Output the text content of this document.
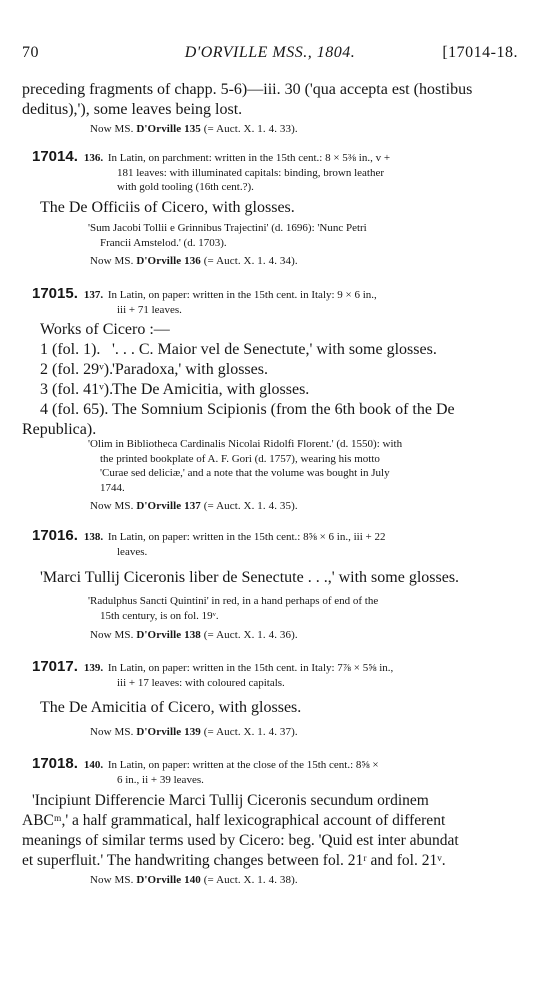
70	D'ORVILLE MSS., 1804.	[17014-18.
preceding fragments of chapp. 5-6)—iii. 30 ('qua accepta est (hostibus
deditus),'), some leaves being lost.
Now MS. D'Orville 135 (= Auct. X. 1. 4. 33).
17014. 136. In Latin, on parchment: written in the 15th cent.: 8 × 5⅜ in., v +
181 leaves: with illuminated capitals: binding, brown leather
with gold tooling (16th cent.?).
The De Officiis of Cicero, with glosses.
'Sum Jacobi Tollii e Grinnibus Trajectini' (d. 1696): 'Nunc Petri
Francii Amstelod.' (d. 1703).
Now MS. D'Orville 136 (= Auct. X. 1. 4. 34).
17015. 137. In Latin, on paper: written in the 15th cent. in Italy: 9 × 6 in.,
iii + 71 leaves.
Works of Cicero :—
1 (fol. 1). '. . . C. Maior vel de Senectute,' with some glosses.
2 (fol. 29ᵛ).'Paradoxa,' with glosses.
3 (fol. 41ᵛ).The De Amicitia, with glosses.
4 (fol. 65). The Somnium Scipionis (from the 6th book of the De
Republica).
'Olim in Bibliotheca Cardinalis Nicolai Ridolfi Florent.' (d. 1550): with
the printed bookplate of A. F. Gori (d. 1757), wearing his motto
'Curae sed deliciæ,' and a note that the volume was bought in July
1744.
Now MS. D'Orville 137 (= Auct. X. 1. 4. 35).
17016. 138. In Latin, on paper: written in the 15th cent.: 8⅝ × 6 in., iii + 22
leaves.
'Marci Tullij Ciceronis liber de Senectute . . .,' with some glosses.
'Radulphus Sancti Quintini' in red, in a hand perhaps of end of the
15th century, is on fol. 19ᵛ.
Now MS. D'Orville 138 (= Auct. X. 1. 4. 36).
17017. 139. In Latin, on paper: written in the 15th cent. in Italy: 7⅞ × 5⅝ in.,
iii + 17 leaves: with coloured capitals.
The De Amicitia of Cicero, with glosses.
Now MS. D'Orville 139 (= Auct. X. 1. 4. 37).
17018. 140. In Latin, on paper: written at the close of the 15th cent.: 8⅝ ×
6 in., ii + 39 leaves.
'Incipiunt Differencie Marci Tullij Ciceronis secundum ordinem
ABCᵐ,' a half grammatical, half lexicographical account of different
meanings of similar terms used by Cicero: beg. 'Quid est inter abundat
et superfluit.' The handwriting changes between fol. 21ʳ and fol. 21ᵛ.
Now MS. D'Orville 140 (= Auct. X. 1. 4. 38).
